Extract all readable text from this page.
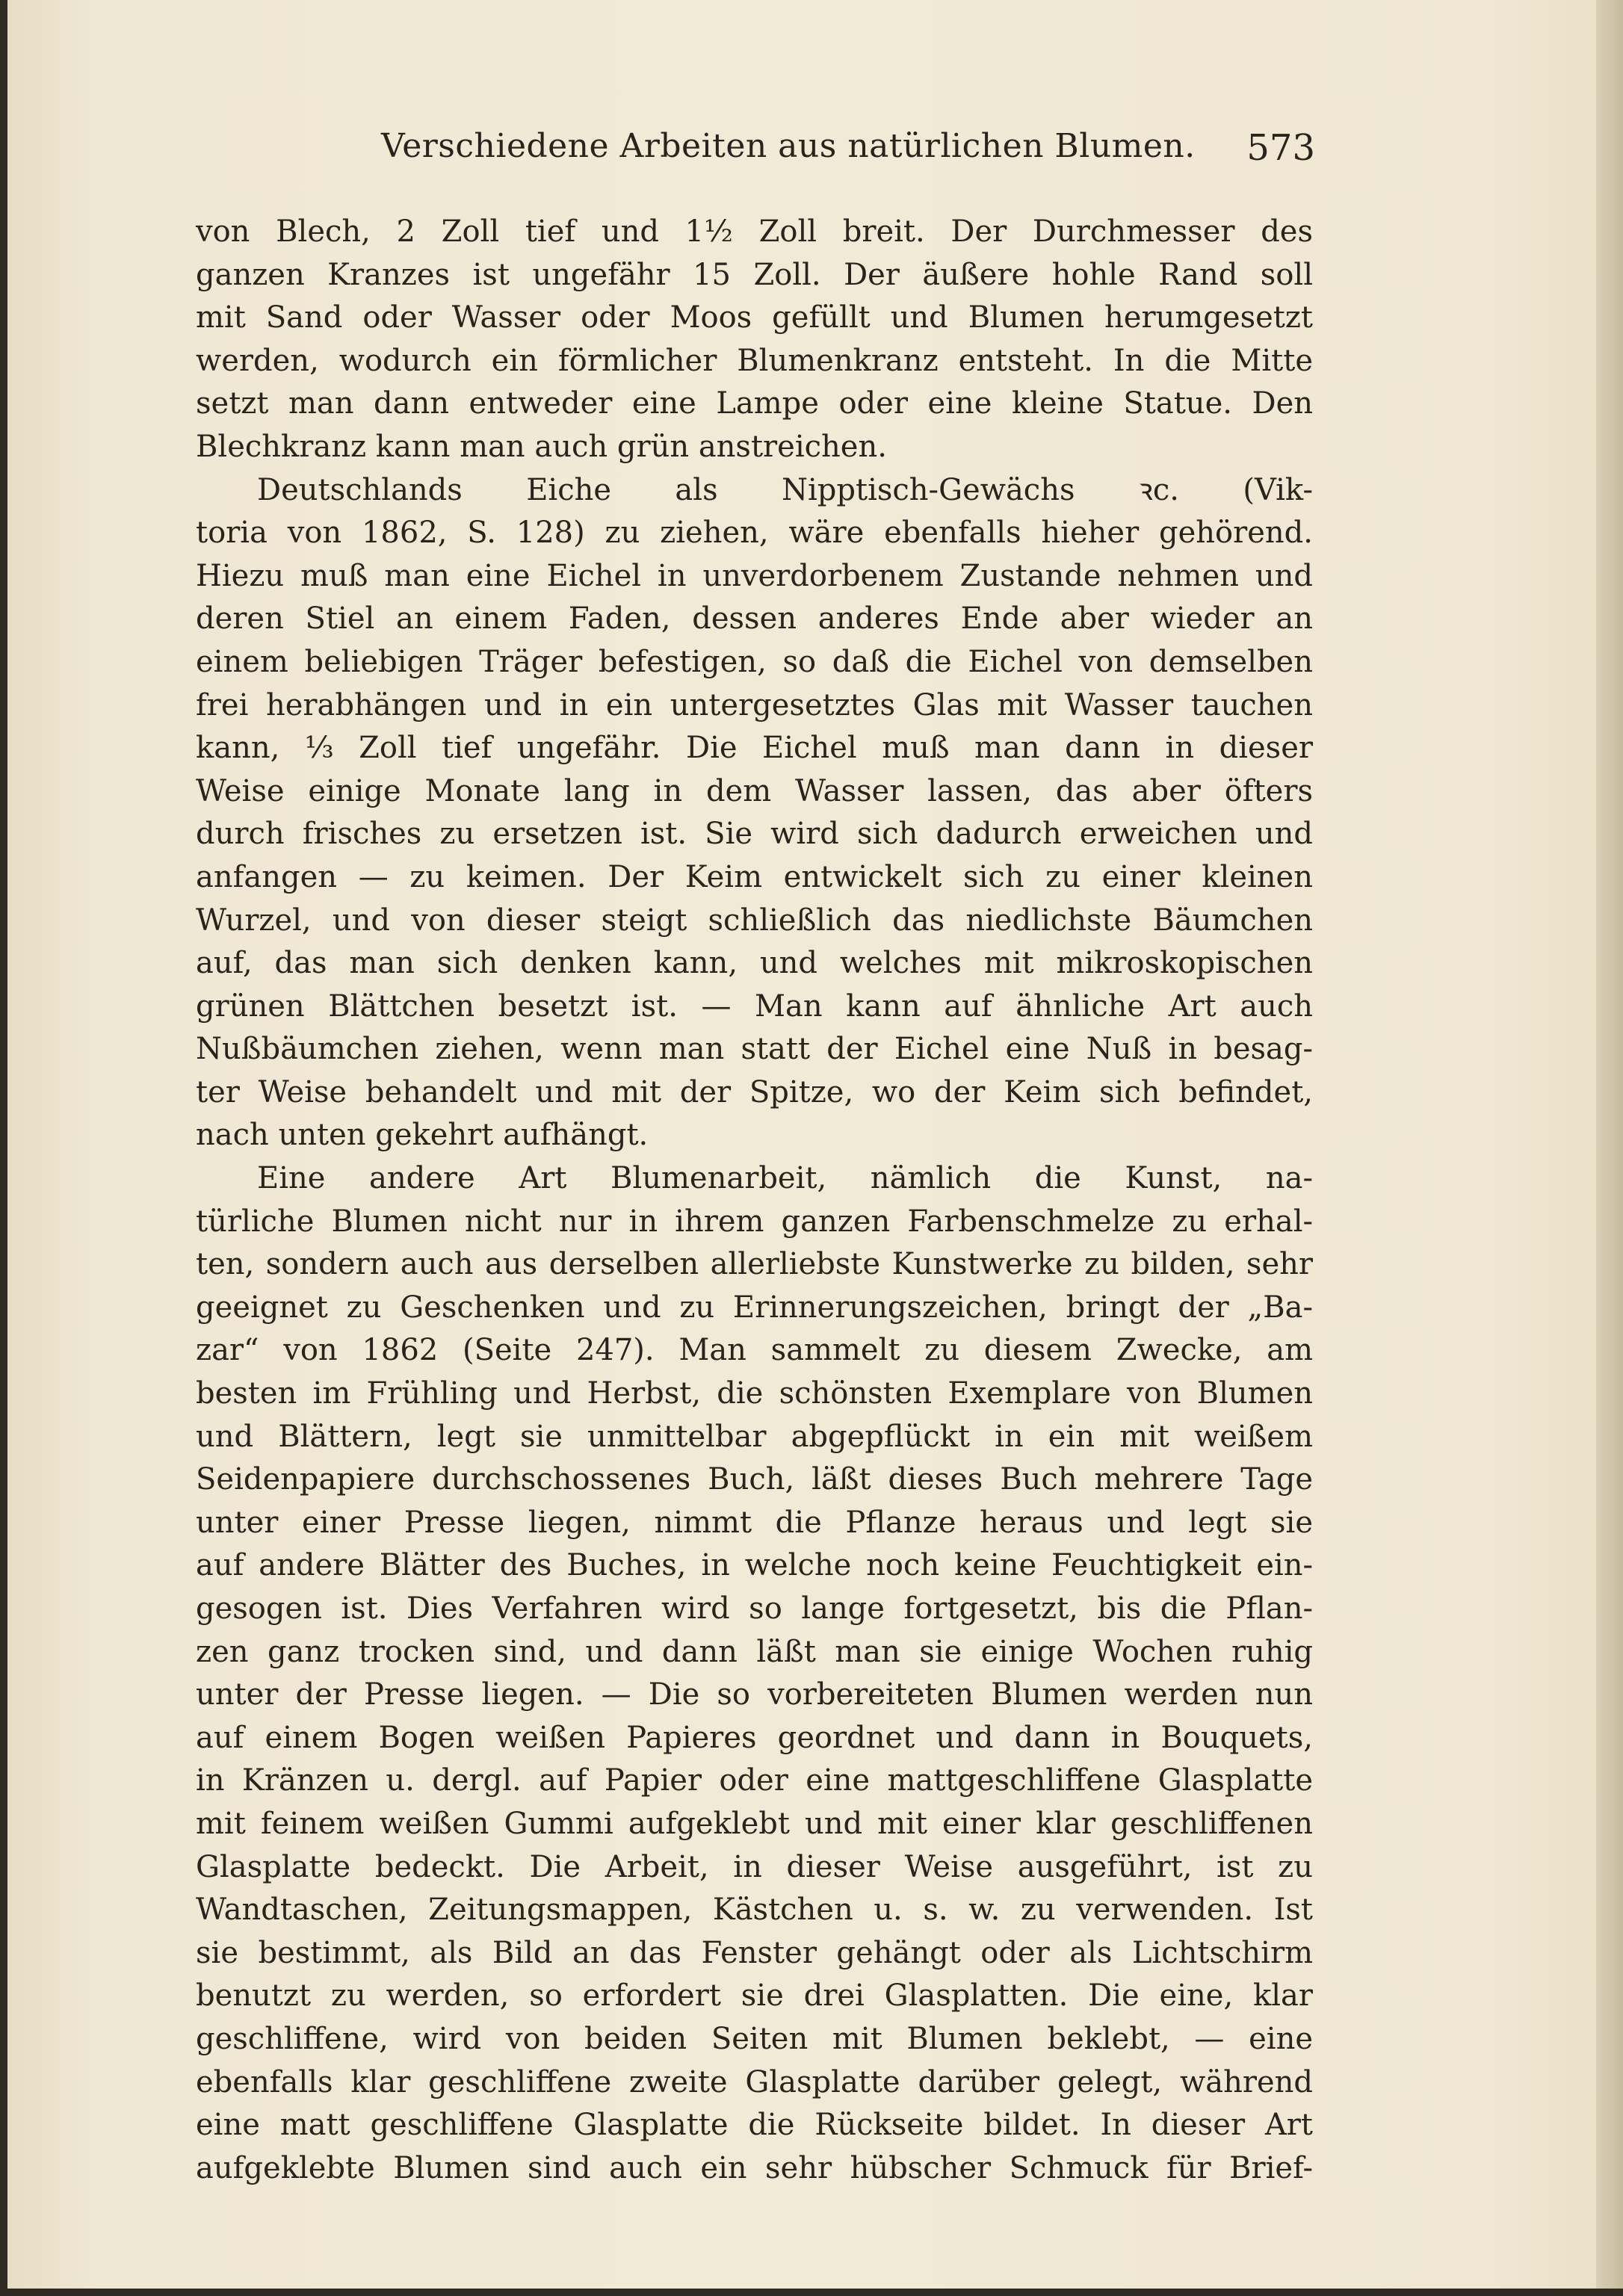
Verschiedene Arbeiten aus natürlichen Blumen. 573
von Blech, 2 Zoll tief und 1½ Zoll breit. Der Durchmesser des
ganzen Kranzes ist ungefähr 15 Zoll. Der äußere hohle Rand soll
mit Sand oder Wasser oder Moos gefüllt und Blumen herumgesetzt
werden, wodurch ein förmlicher Blumenkranz entsteht. In die Mitte
setzt man dann entweder eine Lampe oder eine kleine Statue. Den
Blechkranz kann man auch grün anstreichen.
Deutschlands Eiche als Nipptisch-Gewächs ꝛc. (Vik-
toria von 1862, S. 128) zu ziehen, wäre ebenfalls hieher gehörend.
Hiezu muß man eine Eichel in unverdorbenem Zustande nehmen und
deren Stiel an einem Faden, dessen anderes Ende aber wieder an
einem beliebigen Träger befestigen, so daß die Eichel von demselben
frei herabhängen und in ein untergesetztes Glas mit Wasser tauchen
kann, ⅓ Zoll tief ungefähr. Die Eichel muß man dann in dieser
Weise einige Monate lang in dem Wasser lassen, das aber öfters
durch frisches zu ersetzen ist. Sie wird sich dadurch erweichen und
anfangen — zu keimen. Der Keim entwickelt sich zu einer kleinen
Wurzel, und von dieser steigt schließlich das niedlichste Bäumchen
auf, das man sich denken kann, und welches mit mikroskopischen
grünen Blättchen besetzt ist. — Man kann auf ähnliche Art auch
Nußbäumchen ziehen, wenn man statt der Eichel eine Nuß in besag-
ter Weise behandelt und mit der Spitze, wo der Keim sich befindet,
nach unten gekehrt aufhängt.
Eine andere Art Blumenarbeit, nämlich die Kunst, na-
türliche Blumen nicht nur in ihrem ganzen Farbenschmelze zu erhal-
ten, sondern auch aus derselben allerliebste Kunstwerke zu bilden, sehr
geeignet zu Geschenken und zu Erinnerungszeichen, bringt der „Ba-
zar“ von 1862 (Seite 247). Man sammelt zu diesem Zwecke, am
besten im Frühling und Herbst, die schönsten Exemplare von Blumen
und Blättern, legt sie unmittelbar abgepflückt in ein mit weißem
Seidenpapiere durchschossenes Buch, läßt dieses Buch mehrere Tage
unter einer Presse liegen, nimmt die Pflanze heraus und legt sie
auf andere Blätter des Buches, in welche noch keine Feuchtigkeit ein-
gesogen ist. Dies Verfahren wird so lange fortgesetzt, bis die Pflan-
zen ganz trocken sind, und dann läßt man sie einige Wochen ruhig
unter der Presse liegen. — Die so vorbereiteten Blumen werden nun
auf einem Bogen weißen Papieres geordnet und dann in Bouquets,
in Kränzen u. dergl. auf Papier oder eine mattgeschliffene Glasplatte
mit feinem weißen Gummi aufgeklebt und mit einer klar geschliffenen
Glasplatte bedeckt. Die Arbeit, in dieser Weise ausgeführt, ist zu
Wandtaschen, Zeitungsmappen, Kästchen u. s. w. zu verwenden. Ist
sie bestimmt, als Bild an das Fenster gehängt oder als Lichtschirm
benutzt zu werden, so erfordert sie drei Glasplatten. Die eine, klar
geschliffene, wird von beiden Seiten mit Blumen beklebt, — eine
ebenfalls klar geschliffene zweite Glasplatte darüber gelegt, während
eine matt geschliffene Glasplatte die Rückseite bildet. In dieser Art
aufgeklebte Blumen sind auch ein sehr hübscher Schmuck für Brief-
